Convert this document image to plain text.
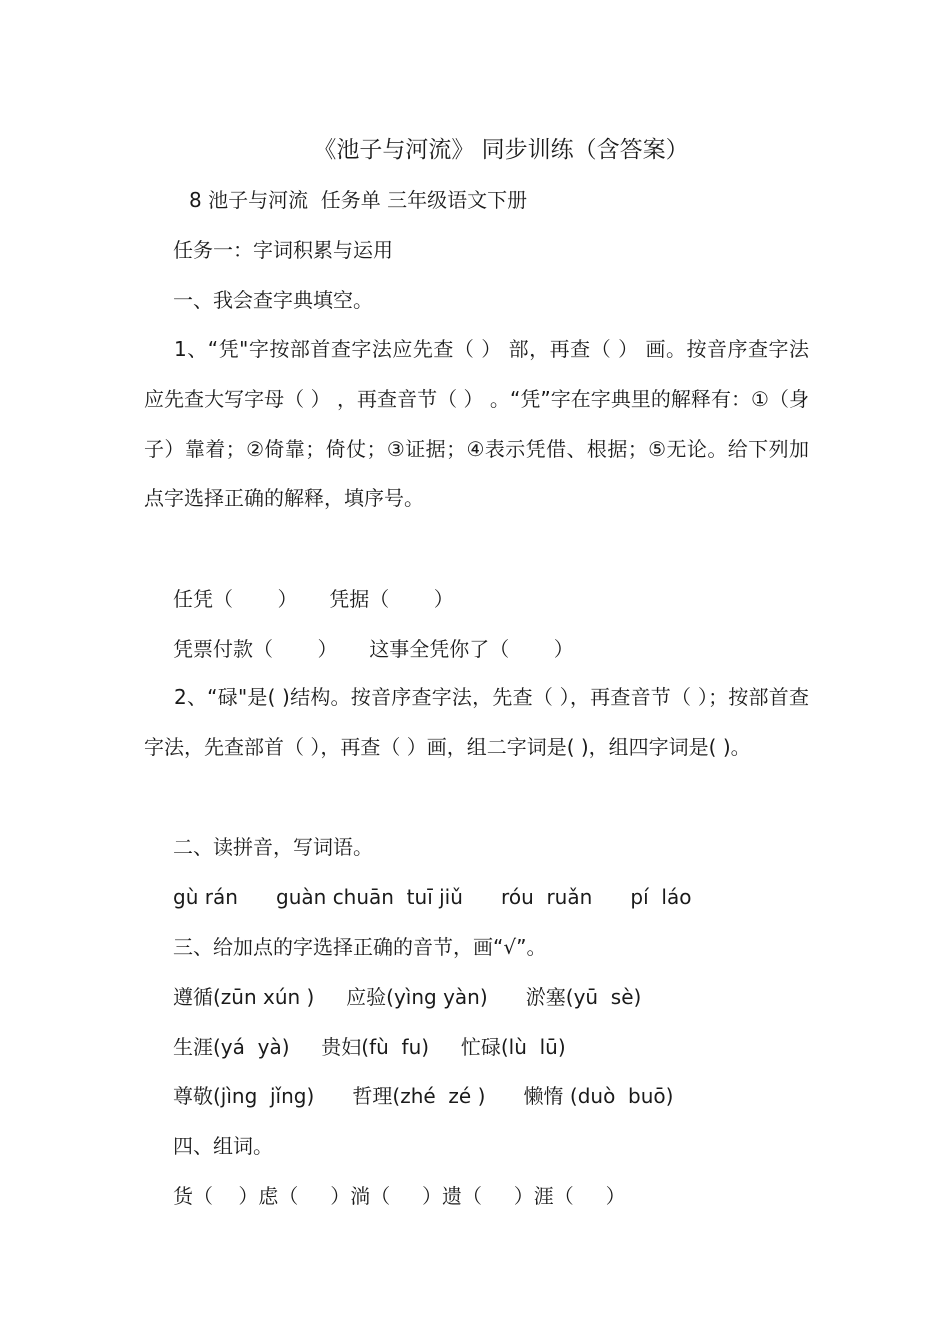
《池子与河流》 同步训练（含答案）
8 池子与河流  任务单 三年级语文下册
任务一：字词积累与运用
一、我会查字典填空。
1、“凭"字按部首查字法应先查（ ） 部，再查（ ） 画。按音序查字法应先查大写字母（ ） ，再查音节（ ） 。“凭”字在字典里的解释有：①（身子）靠着；②倚靠；倚仗；③证据；④表示凭借、根据；⑤无论。给下列加点字选择正确的解释，填序号。
任凭（       ）     凭据（       ）
凭票付款（       ）     这事全凭你了（       ）
2、“碌"是( )结构。按音序查字法，先查（ ），再查音节（ ）；按部首查字法，先查部首（ ），再查（ ）画，组二字词是( )，组四字词是( )。
二、读拼音，写词语。
gù rán      guàn chuān  tuī jiǔ      róu  ruǎn      pí  láo
三、给加点的字选择正确的音节，画“√”。
遵循(zūn xún )     应验(yìng yàn)      淤塞(yū  sè)
生涯(yá  yà)     贵妇(fù  fu)     忙碌(lù  lū)
尊敬(jìng  jǐng)      哲理(zhé  zé )      懒惰 (duò  buō)
四、组词。
货（    ）虑（     ）淌（     ）遗（     ）涯（     ）
